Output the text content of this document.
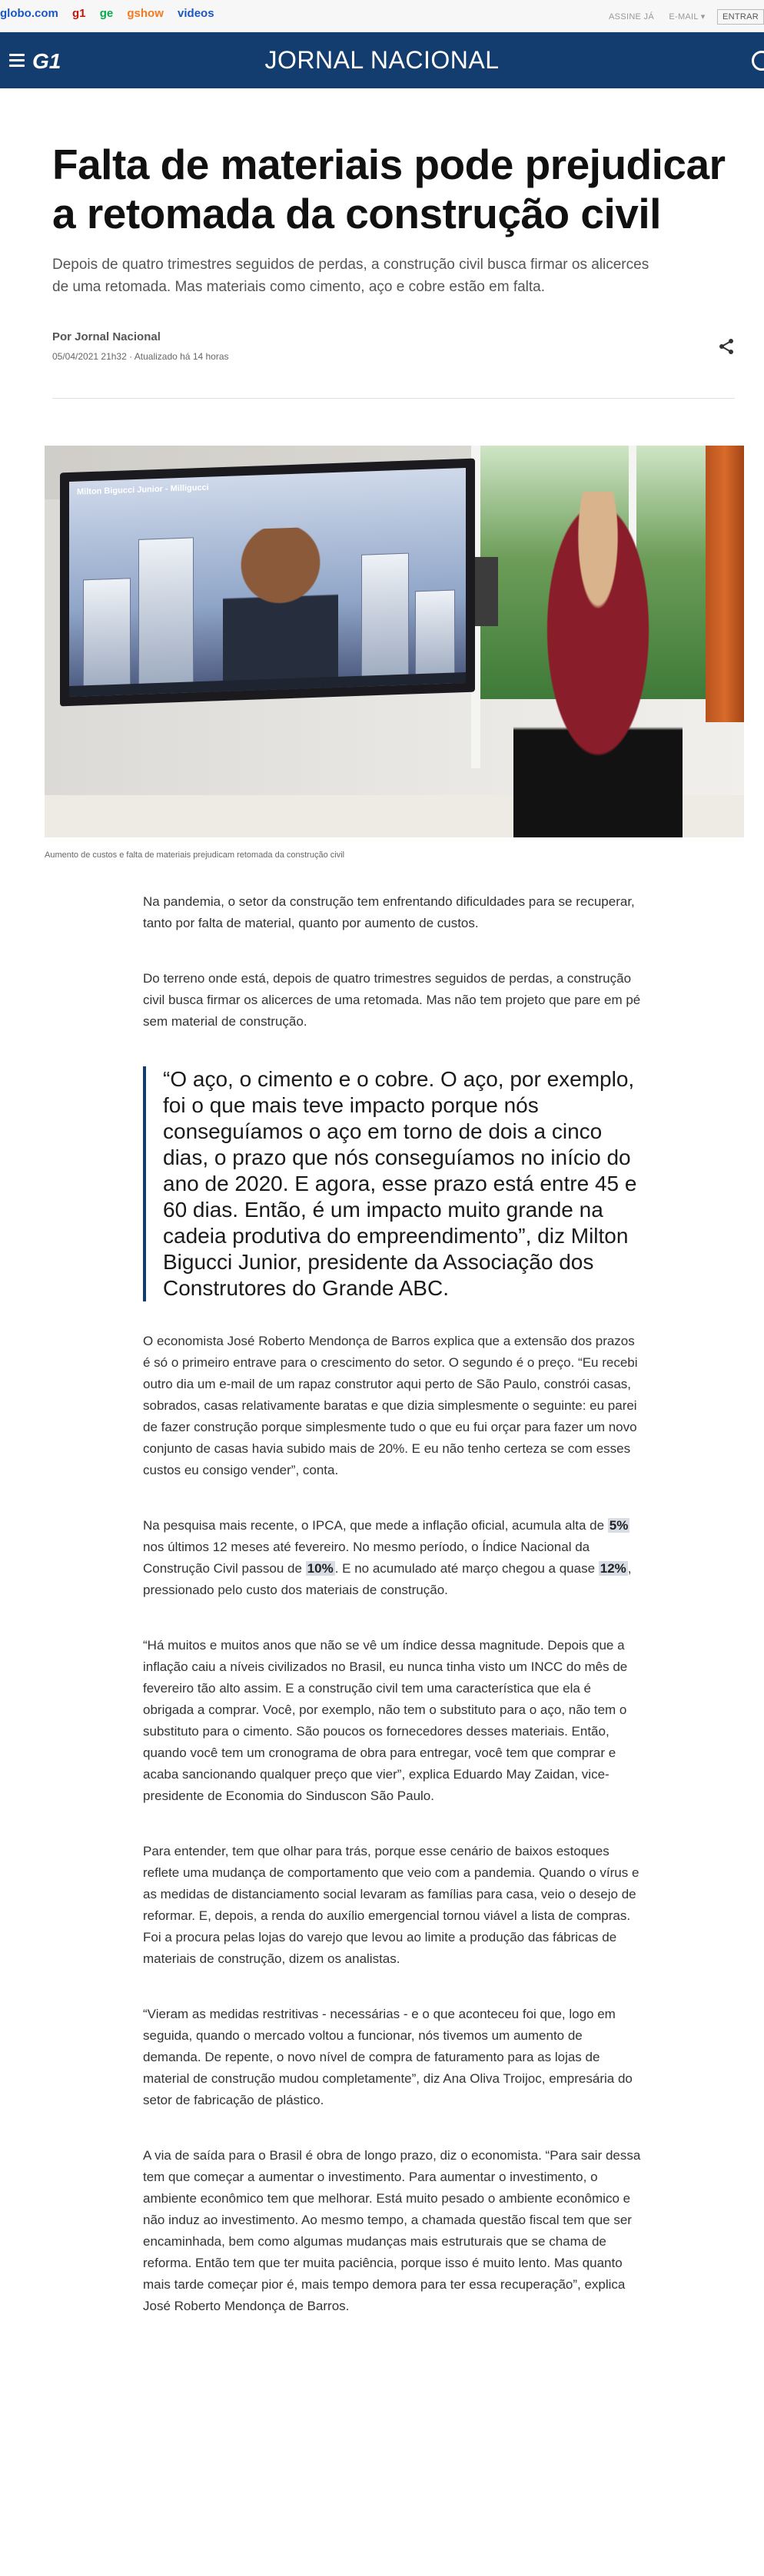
globo.com g1 ge gshow videos	ASSINE JÁ E-MAIL ▾ ENTRAR
G1	JORNAL NACIONAL
Falta de materiais pode prejudicar a retomada da construção civil

Depois de quatro trimestres seguidos de perdas, a construção civil busca firmar os alicerces de uma retomada. Mas materiais como cimento, aço e cobre estão em falta.

Por Jornal Nacional
05/04/2021 21h32 · Atualizado há 14 horas
Milton Bigucci Junior - Milligucci
Aumento de custos e falta de materiais prejudicam retomada da construção civil

Na pandemia, o setor da construção tem enfrentando dificuldades para se recuperar, tanto por falta de material, quanto por aumento de custos.

Do terreno onde está, depois de quatro trimestres seguidos de perdas, a construção civil busca firmar os alicerces de uma retomada. Mas não tem projeto que pare em pé sem material de construção.

“O aço, o cimento e o cobre. O aço, por exemplo, foi o que mais teve impacto porque nós conseguíamos o aço em torno de dois a cinco dias, o prazo que nós conseguíamos no início do ano de 2020. E agora, esse prazo está entre 45 e 60 dias. Então, é um impacto muito grande na cadeia produtiva do empreendimento”, diz Milton Bigucci Junior, presidente da Associação dos Construtores do Grande ABC.

O economista José Roberto Mendonça de Barros explica que a extensão dos prazos é só o primeiro entrave para o crescimento do setor. O segundo é o preço. “Eu recebi outro dia um e-mail de um rapaz construtor aqui perto de São Paulo, constrói casas, sobrados, casas relativamente baratas e que dizia simplesmente o seguinte: eu parei de fazer construção porque simplesmente tudo o que eu fui orçar para fazer um novo conjunto de casas havia subido mais de 20%. E eu não tenho certeza se com esses custos eu consigo vender”, conta.

Na pesquisa mais recente, o IPCA, que mede a inflação oficial, acumula alta de 5% nos últimos 12 meses até fevereiro. No mesmo período, o Índice Nacional da Construção Civil passou de 10% . E no acumulado até março chegou a quase 12% , pressionado pelo custo dos materiais de construção.

“Há muitos e muitos anos que não se vê um índice dessa magnitude. Depois que a inflação caiu a níveis civilizados no Brasil, eu nunca tinha visto um INCC do mês de fevereiro tão alto assim. E a construção civil tem uma característica que ela é obrigada a comprar. Você, por exemplo, não tem o substituto para o aço, não tem o substituto para o cimento. São poucos os fornecedores desses materiais. Então, quando você tem um cronograma de obra para entregar, você tem que comprar e acaba sancionando qualquer preço que vier”, explica Eduardo May Zaidan, vice-presidente de Economia do Sinduscon São Paulo.

Para entender, tem que olhar para trás, porque esse cenário de baixos estoques reflete uma mudança de comportamento que veio com a pandemia. Quando o vírus e as medidas de distanciamento social levaram as famílias para casa, veio o desejo de reformar. E, depois, a renda do auxílio emergencial tornou viável a lista de compras. Foi a procura pelas lojas do varejo que levou ao limite a produção das fábricas de materiais de construção, dizem os analistas.

“Vieram as medidas restritivas - necessárias - e o que aconteceu foi que, logo em seguida, quando o mercado voltou a funcionar, nós tivemos um aumento de demanda. De repente, o novo nível de compra de faturamento para as lojas de material de construção mudou completamente”, diz Ana Oliva Troijoc, empresária do setor de fabricação de plástico.

A via de saída para o Brasil é obra de longo prazo, diz o economista. “Para sair dessa tem que começar a aumentar o investimento. Para aumentar o investimento, o ambiente econômico tem que melhorar. Está muito pesado o ambiente econômico e não induz ao investimento. Ao mesmo tempo, a chamada questão fiscal tem que ser encaminhada, bem como algumas mudanças mais estruturais que se chama de reforma. Então tem que ter muita paciência, porque isso é muito lento. Mas quanto mais tarde começar pior é, mais tempo demora para ter essa recuperação”, explica José Roberto Mendonça de Barros.
